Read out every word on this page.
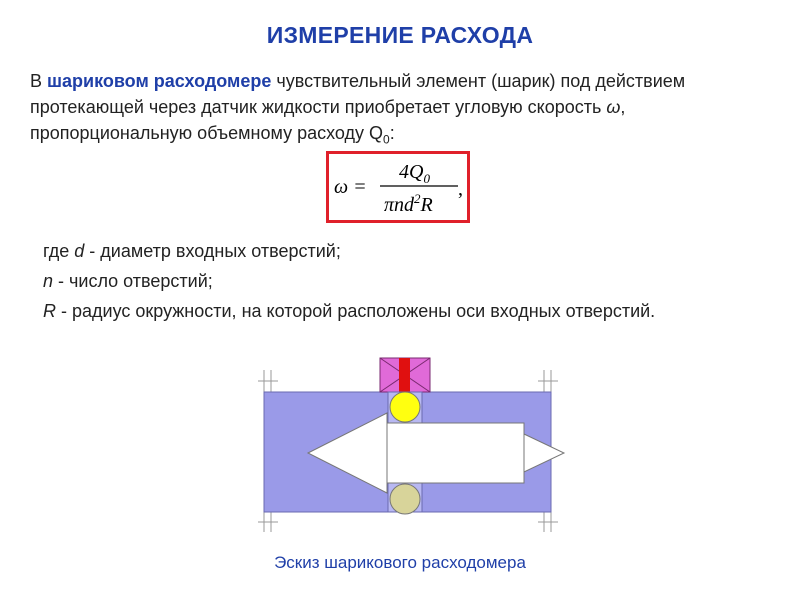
ИЗМЕРЕНИЕ РАСХОДА
В шариковом расходомере чувствительный элемент (шарик) под действием протекающей через датчик жидкости приобретает угловую скорость ω, пропорциональную объемному расходу $Q_0$:
ω =
$4Q_0$
πnd$^2$R
,
где d - диаметр входных отверстий;
n - число отверстий;
R - радиус окружности, на которой расположены оси входных отверстий.
Эскиз шарикового расходомера
